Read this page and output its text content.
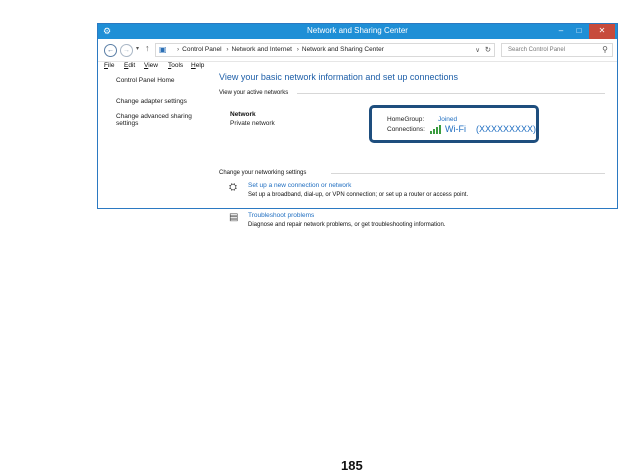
⚙	Network and Sharing Center	–	□	✕
←	→	▾ ↑ ▣	› Control Panel › Network and Internet › Network and Sharing Center	∨ ↻	Search Control Panel	⚲
File Edit View Tools Help
Control Panel Home
Change adapter settings
Change advanced sharing settings
View your basic network information and set up connections
View your active networks
Network
Private network
Change your networking settings
⛭	Set up a new connection or network
Set up a broadband, dial-up, or VPN connection; or set up a router or access point.
▤	Troubleshoot problems
Diagnose and repair network problems, or get troubleshooting information.
HomeGroup: Joined
Connections: Wi-Fi (XXXXXXXXX)
185
